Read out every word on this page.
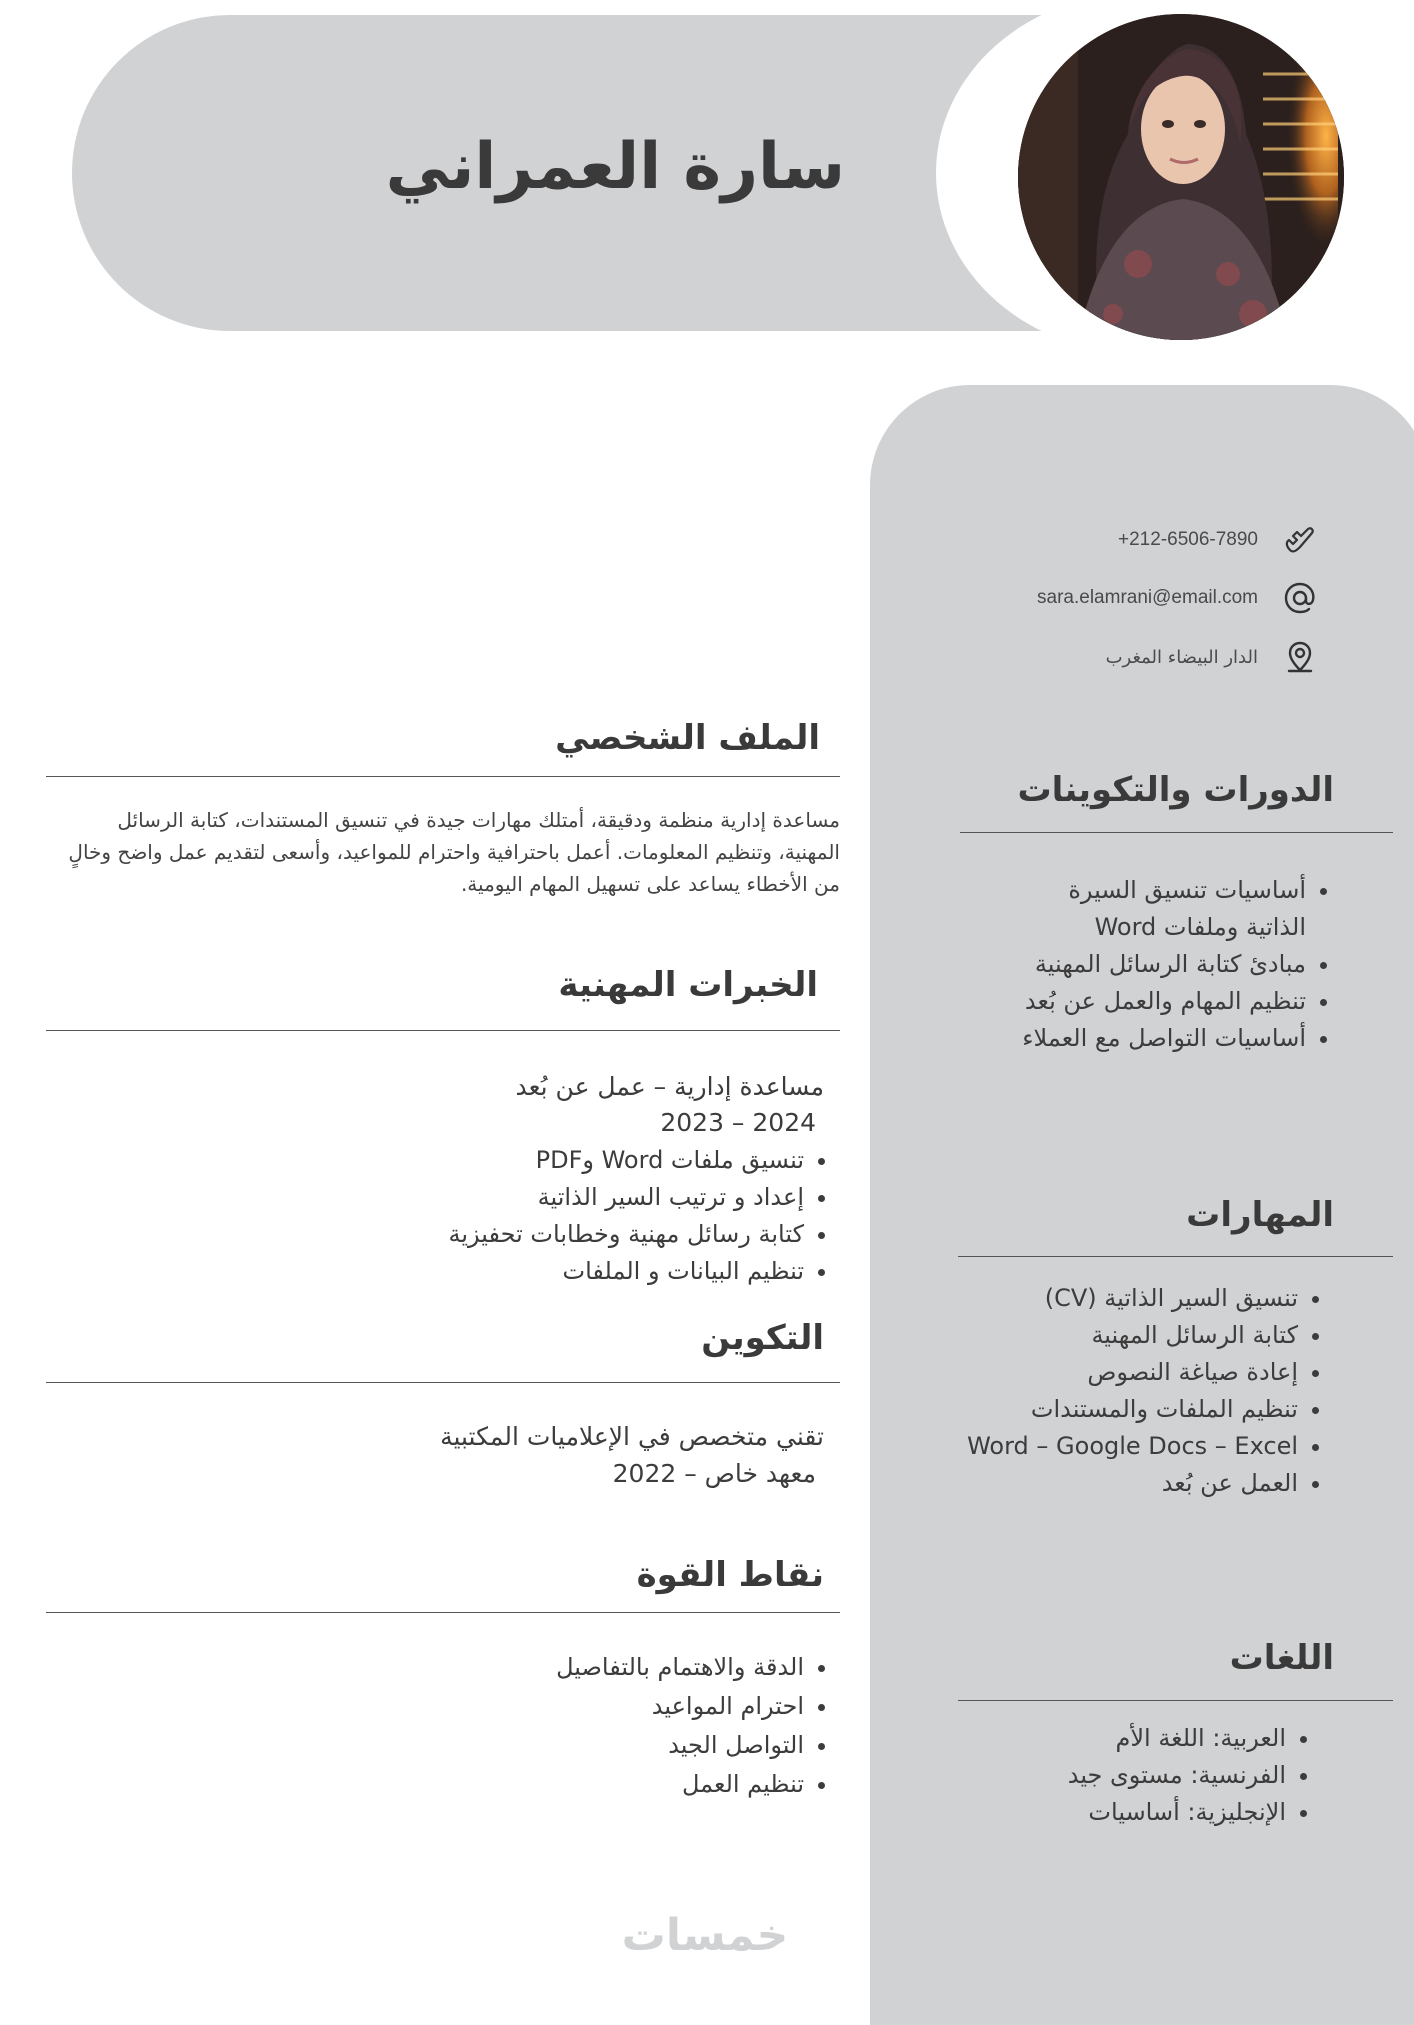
سارة العمراني
+212-6506-7890
sara.elamrani@email.com
الدار البيضاء المغرب
الدورات والتكوينات
• أساسيات تنسيق السيرة الذاتية وملفات Word
• مبادئ كتابة الرسائل المهنية
• تنظيم المهام والعمل عن بُعد
• أساسيات التواصل مع العملاء
المهارات
• تنسيق السير الذاتية (CV)
• كتابة الرسائل المهنية
• إعادة صياغة النصوص
• تنظيم الملفات والمستندات
• Word – Google Docs – Excel
• العمل عن بُعد
اللغات
• العربية: اللغة الأم
• الفرنسية: مستوى جيد
• الإنجليزية: أساسيات
الملف الشخصي
مساعدة إدارية منظمة ودقيقة، أمتلك مهارات جيدة في تنسيق المستندات، كتابة الرسائل المهنية، وتنظيم المعلومات. أعمل باحترافية واحترام للمواعيد، وأسعى لتقديم عمل واضح وخالٍ من الأخطاء يساعد على تسهيل المهام اليومية.
الخبرات المهنية
مساعدة إدارية – عمل عن بُعد
2023 – 2024
• تنسيق ملفات Word وPDF
• إعداد و ترتيب السير الذاتية
• كتابة رسائل مهنية وخطابات تحفيزية
• تنظيم البيانات و الملفات
التكوين
تقني متخصص في الإعلاميات المكتبية
معهد خاص – 2022
نقاط القوة
• الدقة والاهتمام بالتفاصيل
• احترام المواعيد
• التواصل الجيد
• تنظيم العمل
خمسات
